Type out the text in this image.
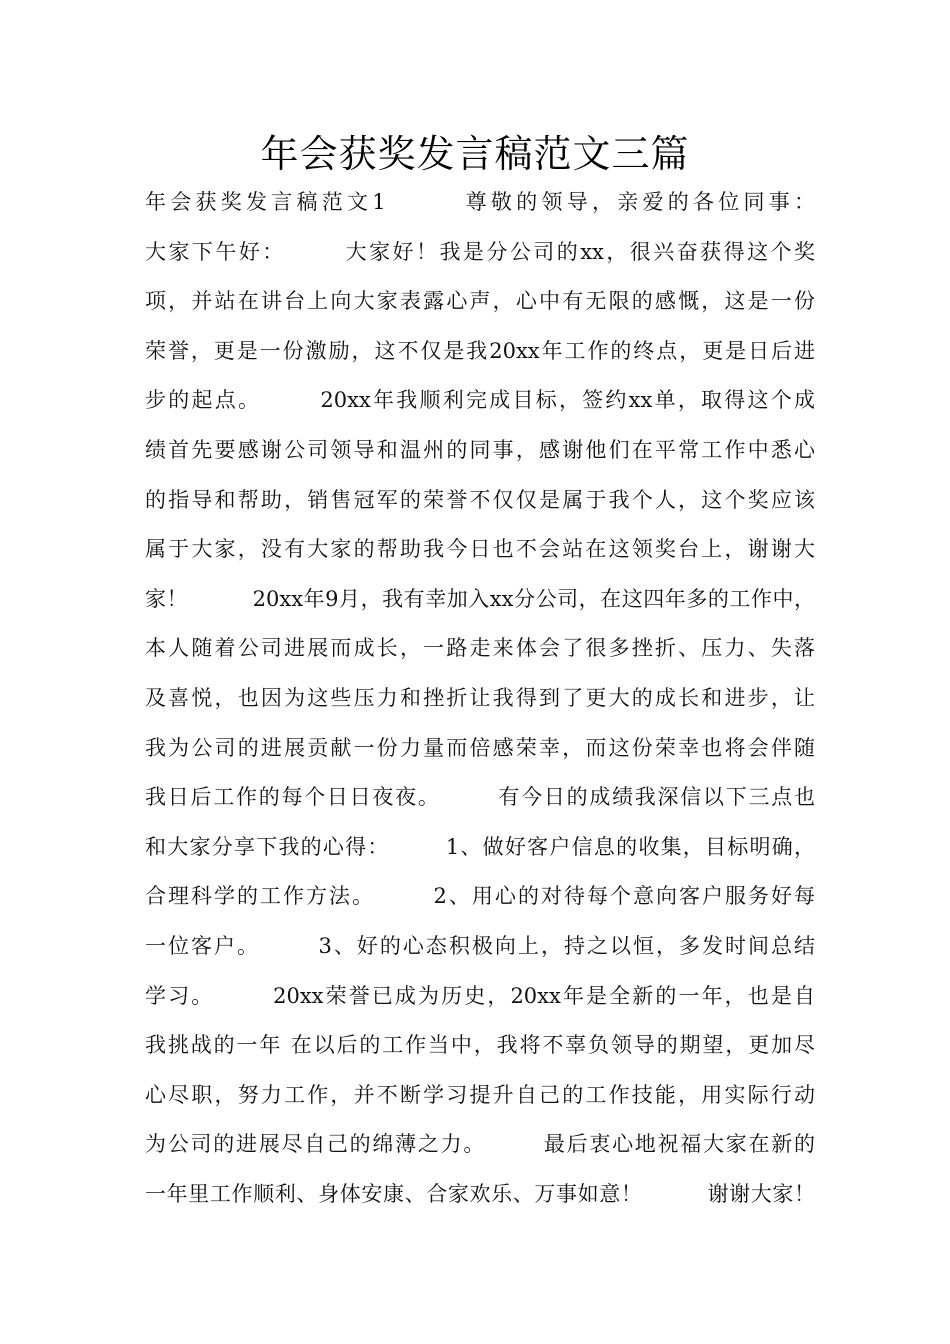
年会获奖发言稿范文三篇
年会获奖发言稿范文1　　　尊敬的领导，亲爱的各位同事：
大家下午好：　　　大家好！我是分公司的xx，很兴奋获得这个奖
项，并站在讲台上向大家表露心声，心中有无限的感慨，这是一份
荣誉，更是一份激励，这不仅是我20xx年工作的终点，更是日后进
步的起点。　　　20xx年我顺利完成目标，签约xx单，取得这个成
绩首先要感谢公司领导和温州的同事，感谢他们在平常工作中悉心
的指导和帮助，销售冠军的荣誉不仅仅是属于我个人，这个奖应该
属于大家，没有大家的帮助我今日也不会站在这领奖台上，谢谢大
家！　　　20xx年9月，我有幸加入xx分公司，在这四年多的工作中，
本人随着公司进展而成长，一路走来体会了很多挫折、压力、失落
及喜悦，也因为这些压力和挫折让我得到了更大的成长和进步，让
我为公司的进展贡献一份力量而倍感荣幸，而这份荣幸也将会伴随
我日后工作的每个日日夜夜。　　　有今日的成绩我深信以下三点也
和大家分享下我的心得：　　　1、做好客户信息的收集，目标明确，
合理科学的工作方法。　　　2、用心的对待每个意向客户服务好每
一位客户。　　　3、好的心态积极向上，持之以恒，多发时间总结
学习。　　　20xx荣誉已成为历史，20xx年是全新的一年，也是自
我挑战的一年 在以后的工作当中，我将不辜负领导的期望，更加尽
心尽职，努力工作，并不断学习提升自己的工作技能，用实际行动
为公司的进展尽自己的绵薄之力。　　　最后衷心地祝福大家在新的
一年里工作顺利、身体安康、合家欢乐、万事如意！　　　谢谢大家！
